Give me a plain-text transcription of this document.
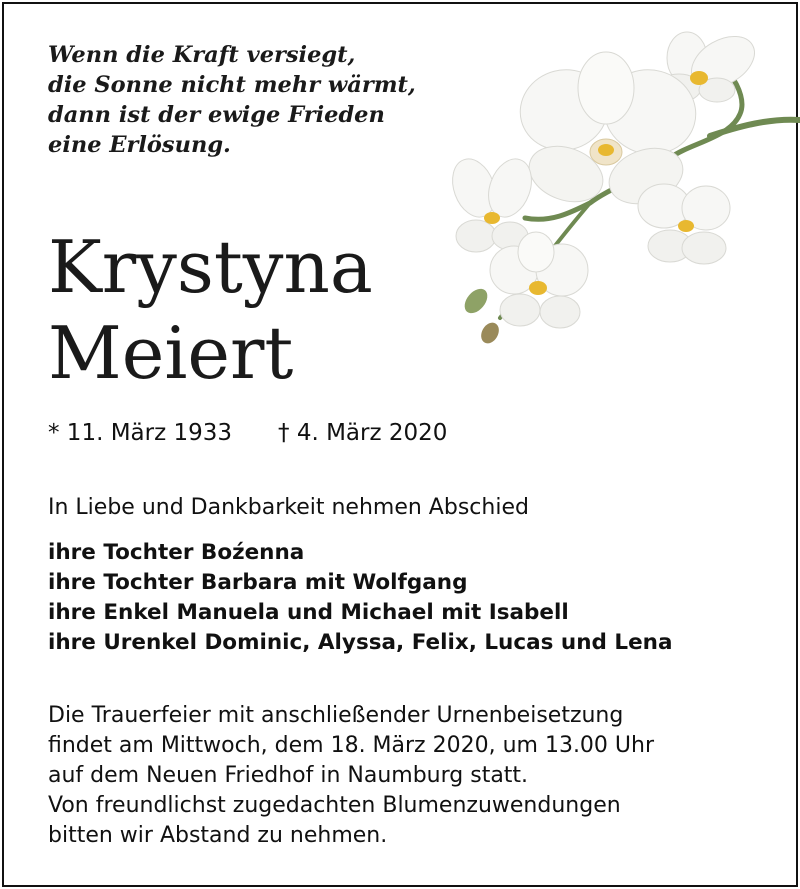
Wenn die Kraft versiegt,
die Sonne nicht mehr wärmt,
dann ist der ewige Frieden
eine Erlösung.
Krystyna
Meiert
* 11. März 1933 † 4. März 2020
In Liebe und Dankbarkeit nehmen Abschied
ihre Tochter Boźenna
ihre Tochter Barbara mit Wolfgang
ihre Enkel Manuela und Michael mit Isabell
ihre Urenkel Dominic, Alyssa, Felix, Lucas und Lena
Die Trauerfeier mit anschließender Urnenbeisetzung
findet am Mittwoch, dem 18. März 2020, um 13.00 Uhr
auf dem Neuen Friedhof in Naumburg statt.
Von freundlichst zugedachten Blumenzuwendungen
bitten wir Abstand zu nehmen.
